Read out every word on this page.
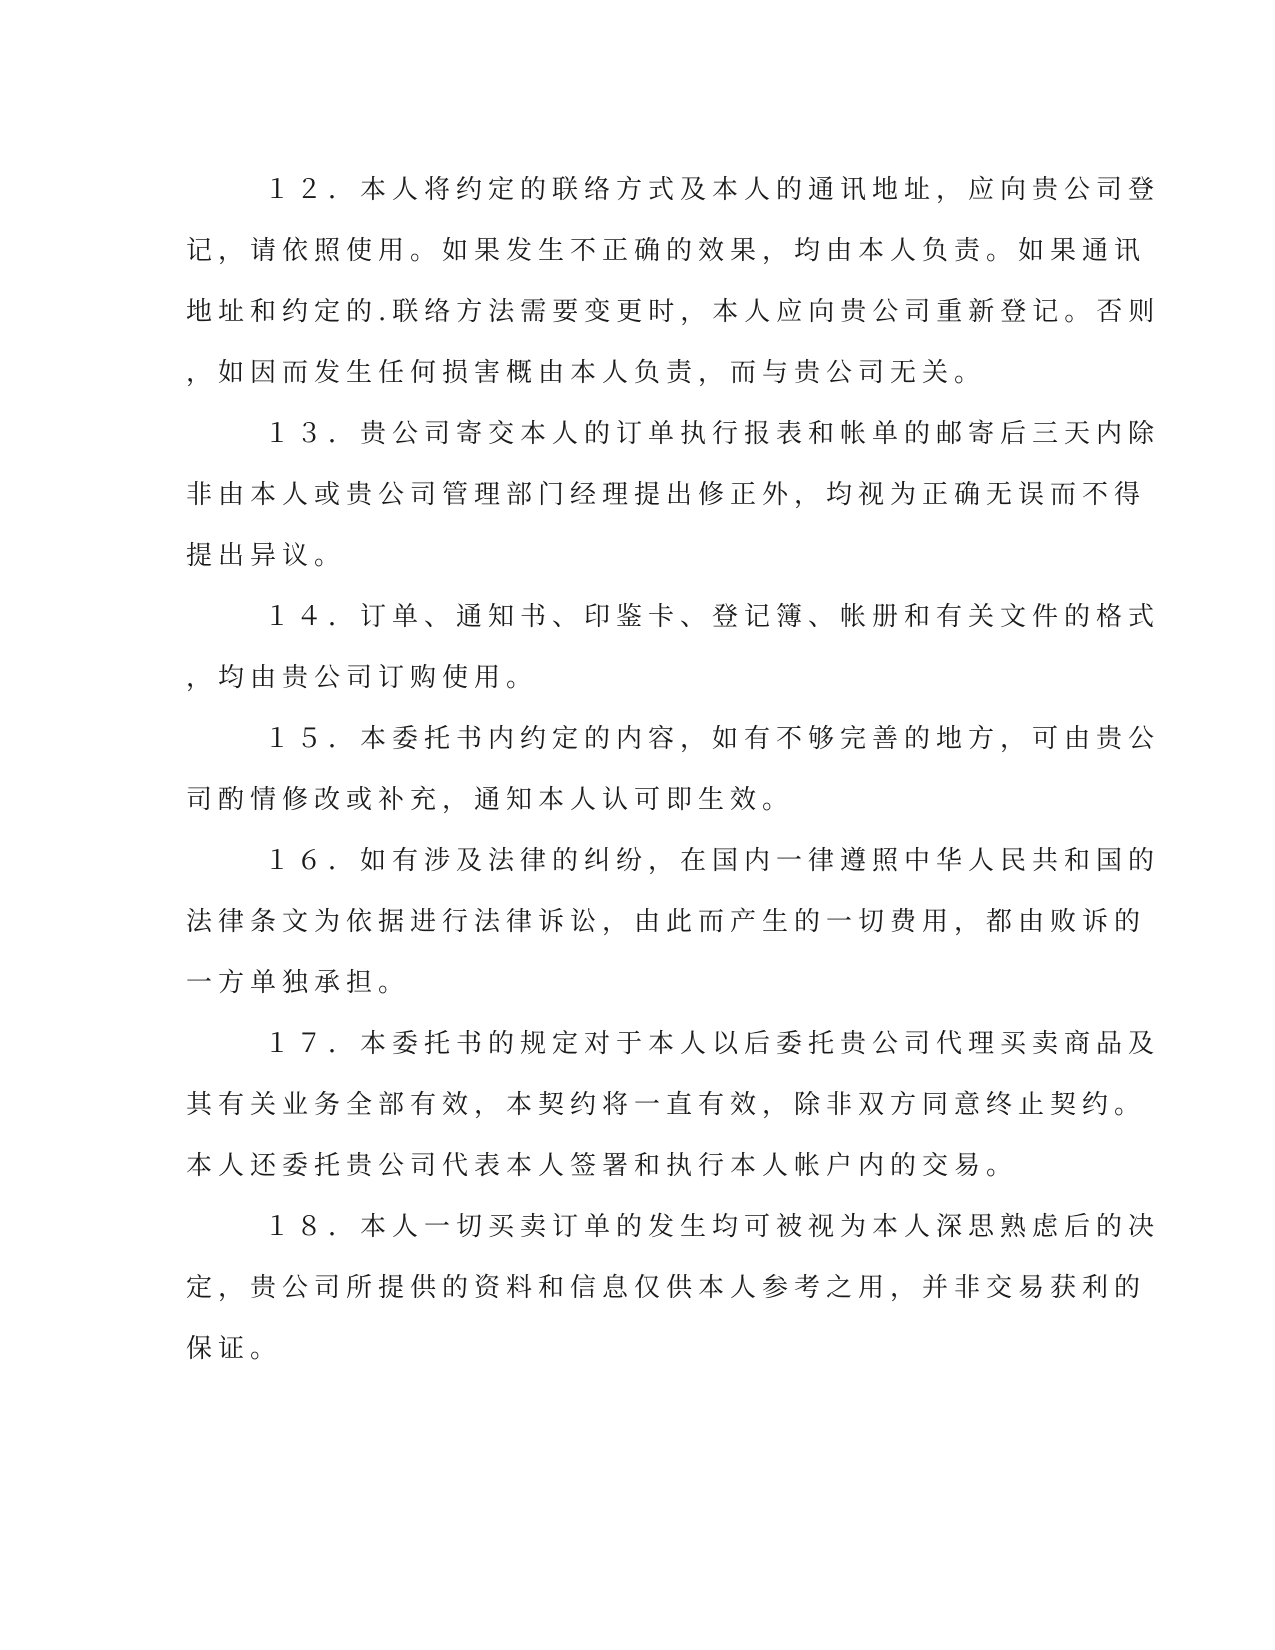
１２．本人将约定的联络方式及本人的通讯地址，应向贵公司登
记，请依照使用。如果发生不正确的效果，均由本人负责。如果通讯
地址和约定的.联络方法需要变更时，本人应向贵公司重新登记。否则
，如因而发生任何损害概由本人负责，而与贵公司无关。
１３．贵公司寄交本人的订单执行报表和帐单的邮寄后三天内除
非由本人或贵公司管理部门经理提出修正外，均视为正确无误而不得
提出异议。
１４．订单、通知书、印鉴卡、登记簿、帐册和有关文件的格式
，均由贵公司订购使用。
１５．本委托书内约定的内容，如有不够完善的地方，可由贵公
司酌情修改或补充，通知本人认可即生效。
１６．如有涉及法律的纠纷，在国内一律遵照中华人民共和国的
法律条文为依据进行法律诉讼，由此而产生的一切费用，都由败诉的
一方单独承担。
１７．本委托书的规定对于本人以后委托贵公司代理买卖商品及
其有关业务全部有效，本契约将一直有效，除非双方同意终止契约。
本人还委托贵公司代表本人签署和执行本人帐户内的交易。
１８．本人一切买卖订单的发生均可被视为本人深思熟虑后的决
定，贵公司所提供的资料和信息仅供本人参考之用，并非交易获利的
保证。
